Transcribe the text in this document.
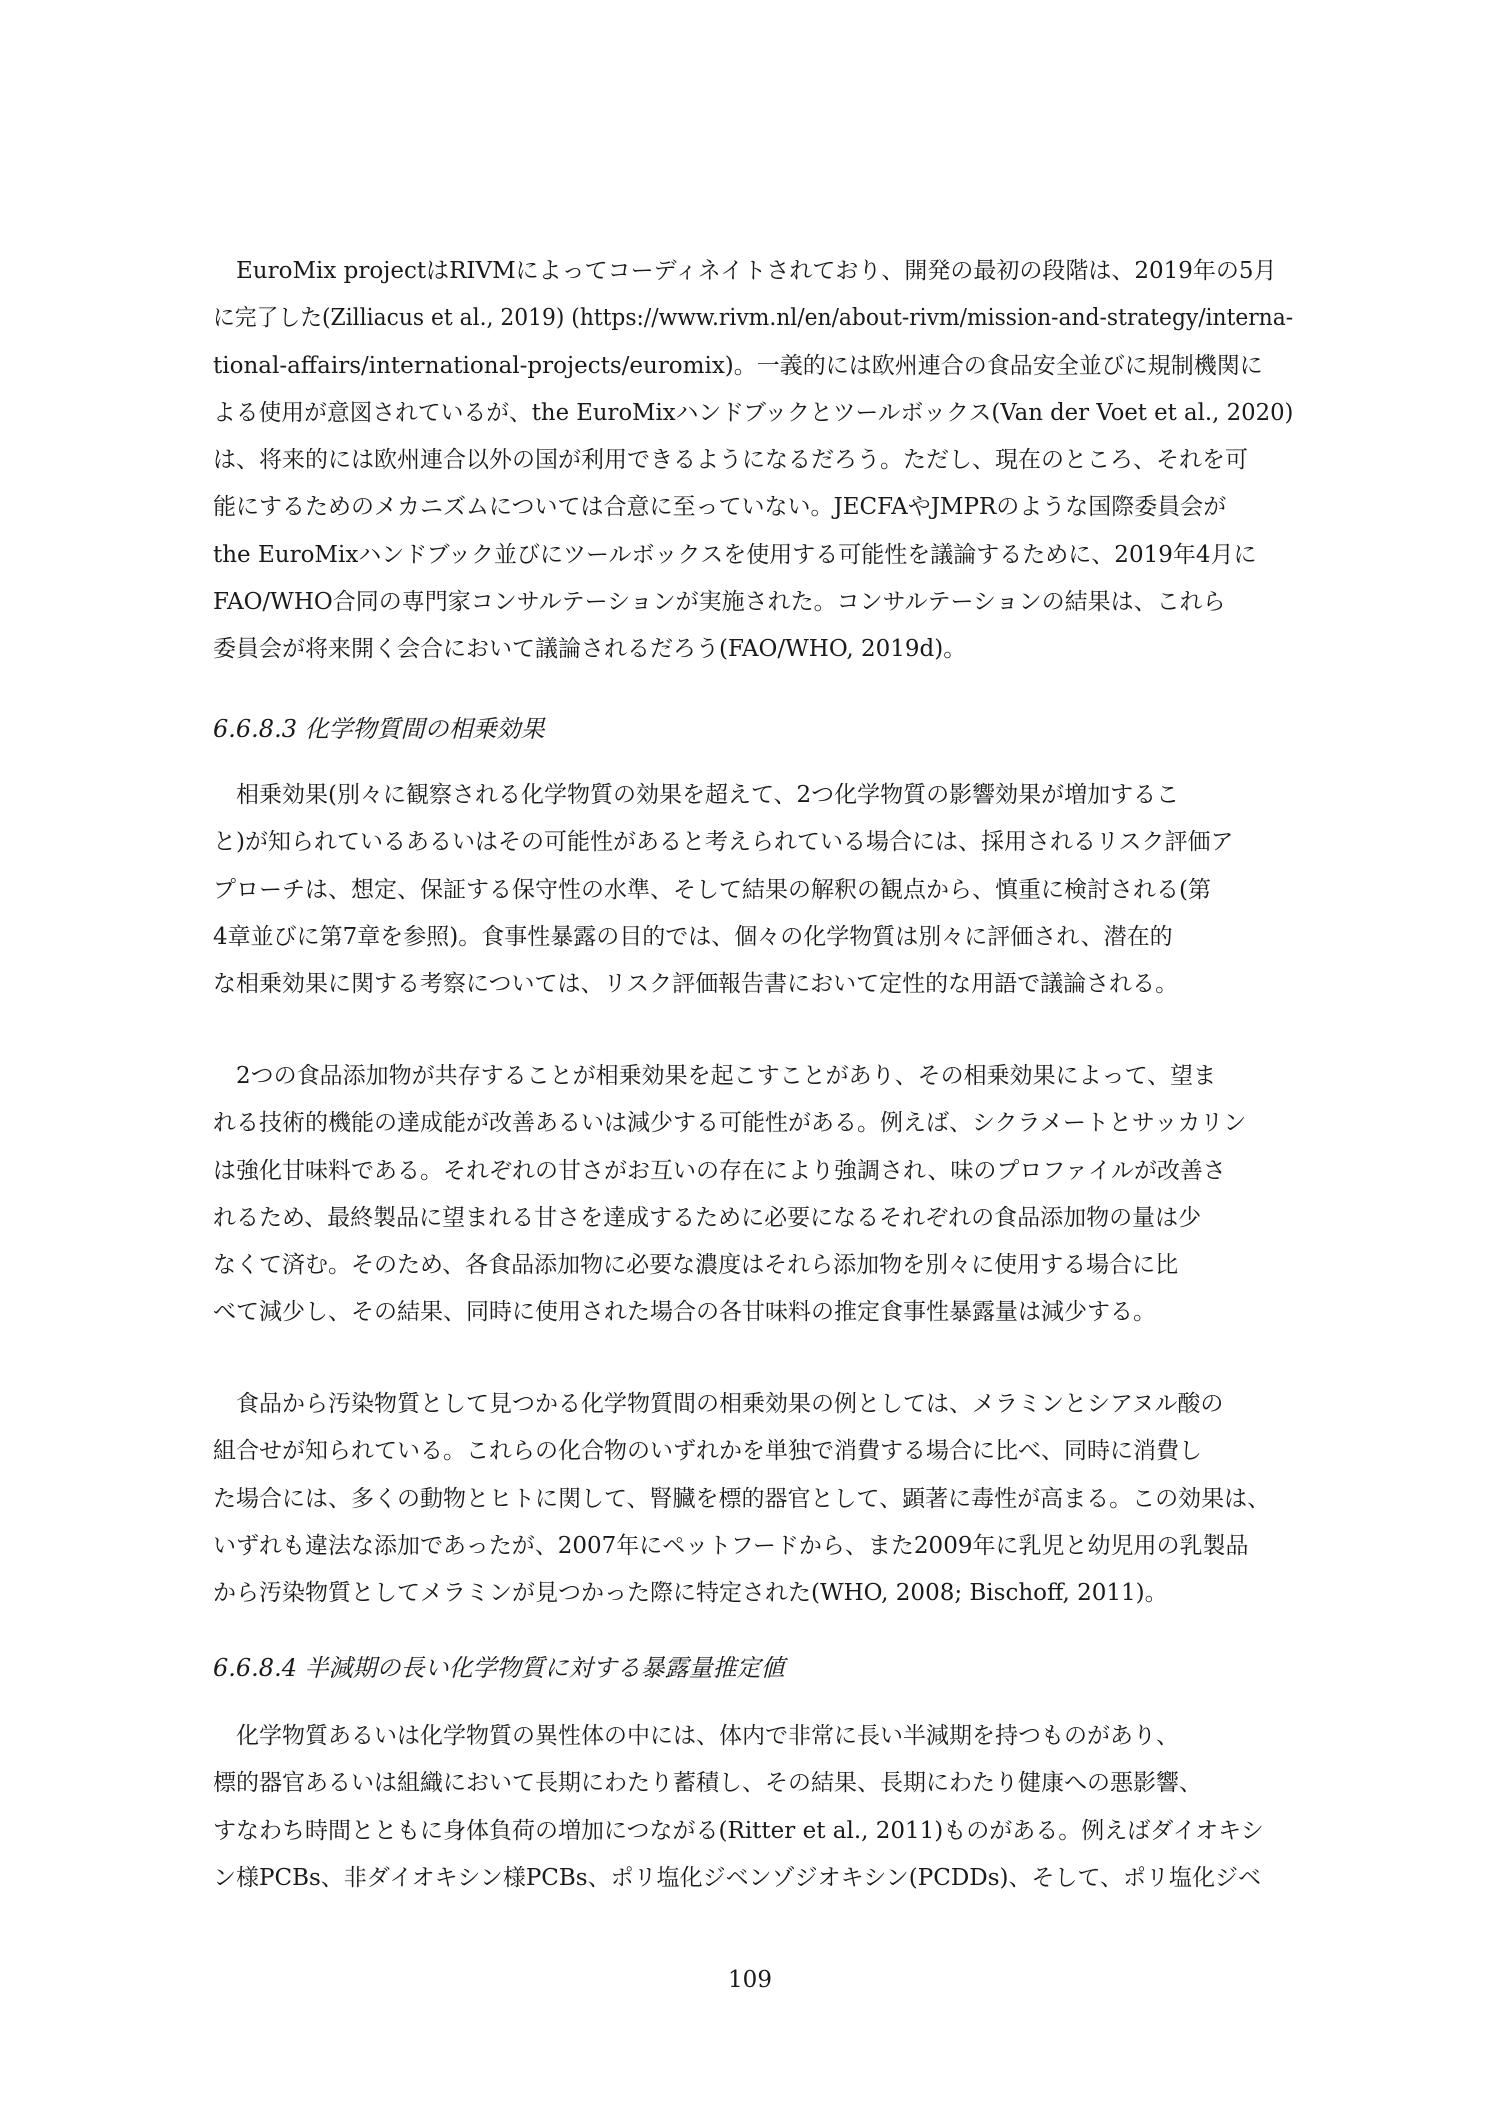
　EuroMix projectはRIVMによってコーディネイトされており、開発の最初の段階は、2019年の5月
に完了した(Zilliacus et al., 2019) (https://www.rivm.nl/en/about-rivm/mission-and-strategy/interna-
tional-affairs/international-projects/euromix)。一義的には欧州連合の食品安全並びに規制機関に
よる使用が意図されているが、the EuroMixハンドブックとツールボックス(Van der Voet et al., 2020)
は、将来的には欧州連合以外の国が利用できるようになるだろう。ただし、現在のところ、それを可
能にするためのメカニズムについては合意に至っていない。JECFAやJMPRのような国際委員会が
the EuroMixハンドブック並びにツールボックスを使用する可能性を議論するために、2019年4月に
FAO/WHO合同の専門家コンサルテーションが実施された。コンサルテーションの結果は、これら
委員会が将来開く会合において議論されるだろう(FAO/WHO, 2019d)。
6.6.8.3 化学物質間の相乗効果
　相乗効果(別々に観察される化学物質の効果を超えて、2つ化学物質の影響効果が増加するこ
と)が知られているあるいはその可能性があると考えられている場合には、採用されるリスク評価ア
プローチは、想定、保証する保守性の水準、そして結果の解釈の観点から、慎重に検討される(第
4章並びに第7章を参照)。食事性暴露の目的では、個々の化学物質は別々に評価され、潜在的
な相乗効果に関する考察については、リスク評価報告書において定性的な用語で議論される。
　2つの食品添加物が共存することが相乗効果を起こすことがあり、その相乗効果によって、望ま
れる技術的機能の達成能が改善あるいは減少する可能性がある。例えば、シクラメートとサッカリン
は強化甘味料である。それぞれの甘さがお互いの存在により強調され、味のプロファイルが改善さ
れるため、最終製品に望まれる甘さを達成するために必要になるそれぞれの食品添加物の量は少
なくて済む。そのため、各食品添加物に必要な濃度はそれら添加物を別々に使用する場合に比
べて減少し、その結果、同時に使用された場合の各甘味料の推定食事性暴露量は減少する。
　食品から汚染物質として見つかる化学物質間の相乗効果の例としては、メラミンとシアヌル酸の
組合せが知られている。これらの化合物のいずれかを単独で消費する場合に比べ、同時に消費し
た場合には、多くの動物とヒトに関して、腎臓を標的器官として、顕著に毒性が高まる。この効果は、
いずれも違法な添加であったが、2007年にペットフードから、また2009年に乳児と幼児用の乳製品
から汚染物質としてメラミンが見つかった際に特定された(WHO, 2008; Bischoff, 2011)。
6.6.8.4 半減期の長い化学物質に対する暴露量推定値
　化学物質あるいは化学物質の異性体の中には、体内で非常に長い半減期を持つものがあり、
標的器官あるいは組織において長期にわたり蓄積し、その結果、長期にわたり健康への悪影響、
すなわち時間とともに身体負荷の増加につながる(Ritter et al., 2011)ものがある。例えばダイオキシ
ン様PCBs、非ダイオキシン様PCBs、ポリ塩化ジベンゾジオキシン(PCDDs)、そして、ポリ塩化ジベ
109
